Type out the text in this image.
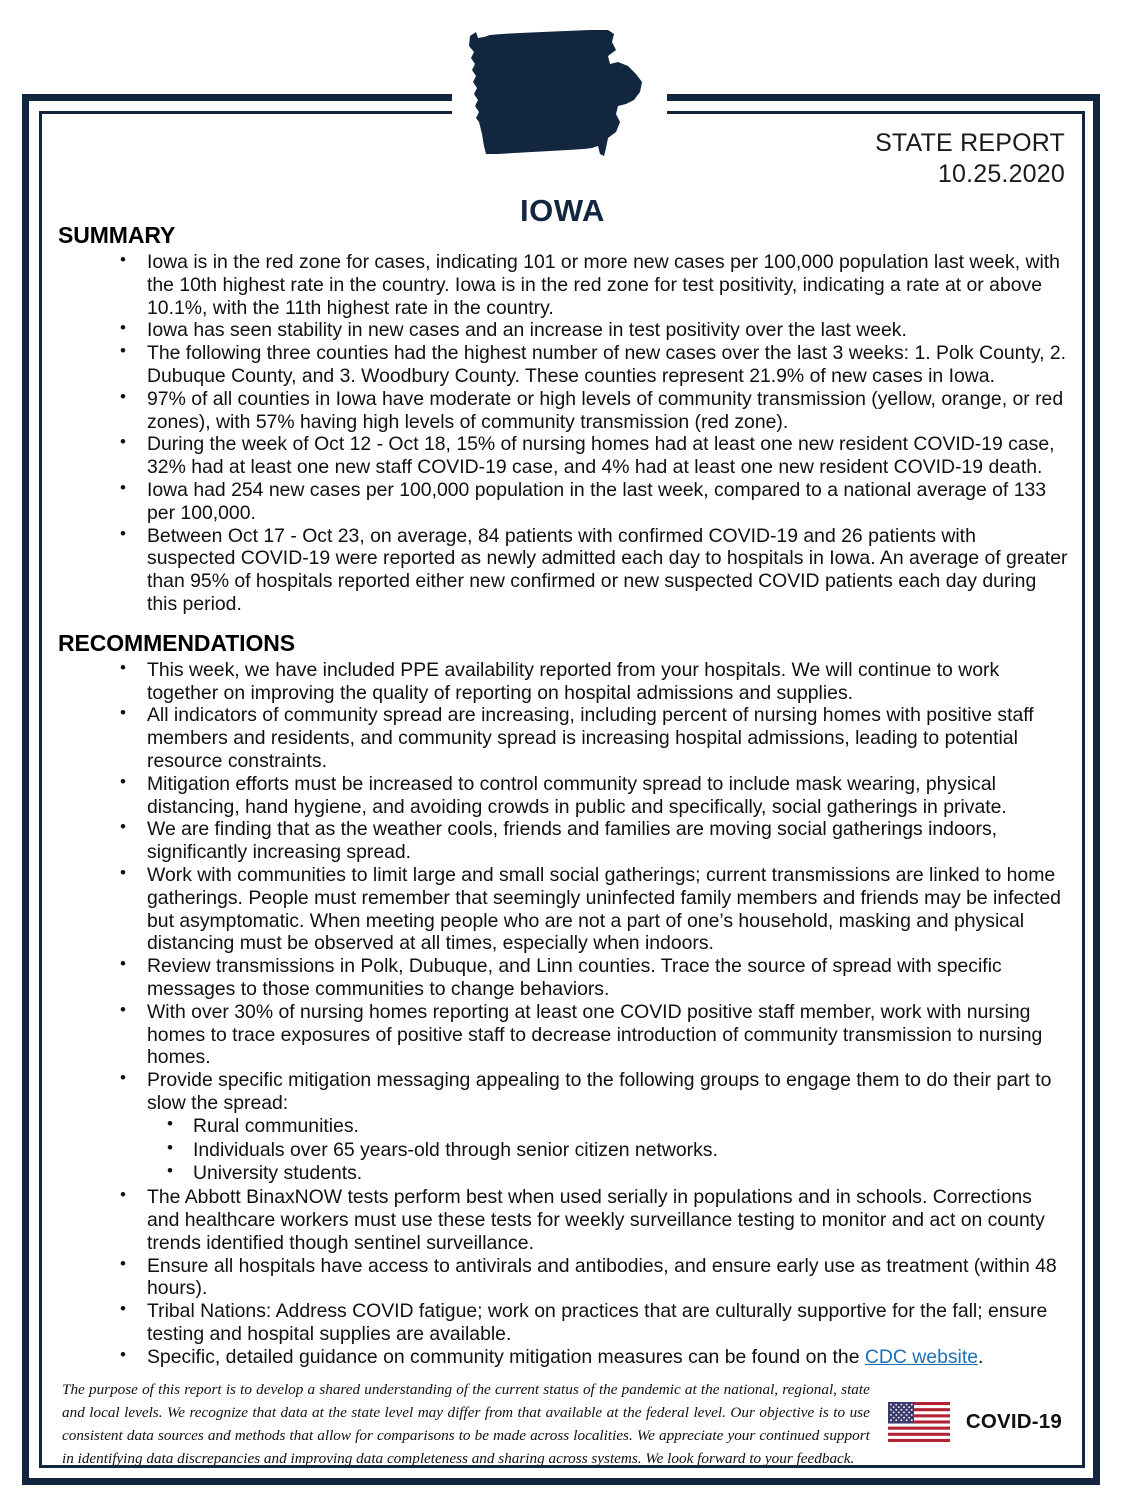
STATE REPORT
10.25.2020
IOWA
SUMMARY
• Iowa is in the red zone for cases, indicating 101 or more new cases per 100,000 population last week, with the 10th highest rate in the country. Iowa is in the red zone for test positivity, indicating a rate at or above 10.1%, with the 11th highest rate in the country.
• Iowa has seen stability in new cases and an increase in test positivity over the last week.
• The following three counties had the highest number of new cases over the last 3 weeks: 1. Polk County, 2. Dubuque County, and 3. Woodbury County. These counties represent 21.9% of new cases in Iowa.
• 97% of all counties in Iowa have moderate or high levels of community transmission (yellow, orange, or red zones), with 57% having high levels of community transmission (red zone).
• During the week of Oct 12 - Oct 18, 15% of nursing homes had at least one new resident COVID-19 case, 32% had at least one new staff COVID-19 case, and 4% had at least one new resident COVID-19 death.
• Iowa had 254 new cases per 100,000 population in the last week, compared to a national average of 133 per 100,000.
• Between Oct 17 - Oct 23, on average, 84 patients with confirmed COVID-19 and 26 patients with suspected COVID-19 were reported as newly admitted each day to hospitals in Iowa. An average of greater than 95% of hospitals reported either new confirmed or new suspected COVID patients each day during this period.
RECOMMENDATIONS
• This week, we have included PPE availability reported from your hospitals. We will continue to work together on improving the quality of reporting on hospital admissions and supplies.
• All indicators of community spread are increasing, including percent of nursing homes with positive staff members and residents, and community spread is increasing hospital admissions, leading to potential resource constraints.
• Mitigation efforts must be increased to control community spread to include mask wearing, physical distancing, hand hygiene, and avoiding crowds in public and specifically, social gatherings in private.
• We are finding that as the weather cools, friends and families are moving social gatherings indoors, significantly increasing spread.
• Work with communities to limit large and small social gatherings; current transmissions are linked to home gatherings. People must remember that seemingly uninfected family members and friends may be infected but asymptomatic. When meeting people who are not a part of one’s household, masking and physical distancing must be observed at all times, especially when indoors.
• Review transmissions in Polk, Dubuque, and Linn counties. Trace the source of spread with specific messages to those communities to change behaviors.
• With over 30% of nursing homes reporting at least one COVID positive staff member, work with nursing homes to trace exposures of positive staff to decrease introduction of community transmission to nursing homes.
• Provide specific mitigation messaging appealing to the following groups to engage them to do their part to slow the spread:
• Rural communities.
• Individuals over 65 years-old through senior citizen networks.
• University students.
• The Abbott BinaxNOW tests perform best when used serially in populations and in schools. Corrections and healthcare workers must use these tests for weekly surveillance testing to monitor and act on county trends identified though sentinel surveillance.
• Ensure all hospitals have access to antivirals and antibodies, and ensure early use as treatment (within 48 hours).
• Tribal Nations: Address COVID fatigue; work on practices that are culturally supportive for the fall; ensure testing and hospital supplies are available.
• Specific, detailed guidance on community mitigation measures can be found on the CDC website.
The purpose of this report is to develop a shared understanding of the current status of the pandemic at the national, regional, state and local levels. We recognize that data at the state level may differ from that available at the federal level. Our objective is to use consistent data sources and methods that allow for comparisons to be made across localities. We appreciate your continued support in identifying data discrepancies and improving data completeness and sharing across systems. We look forward to your feedback.
COVID-19
